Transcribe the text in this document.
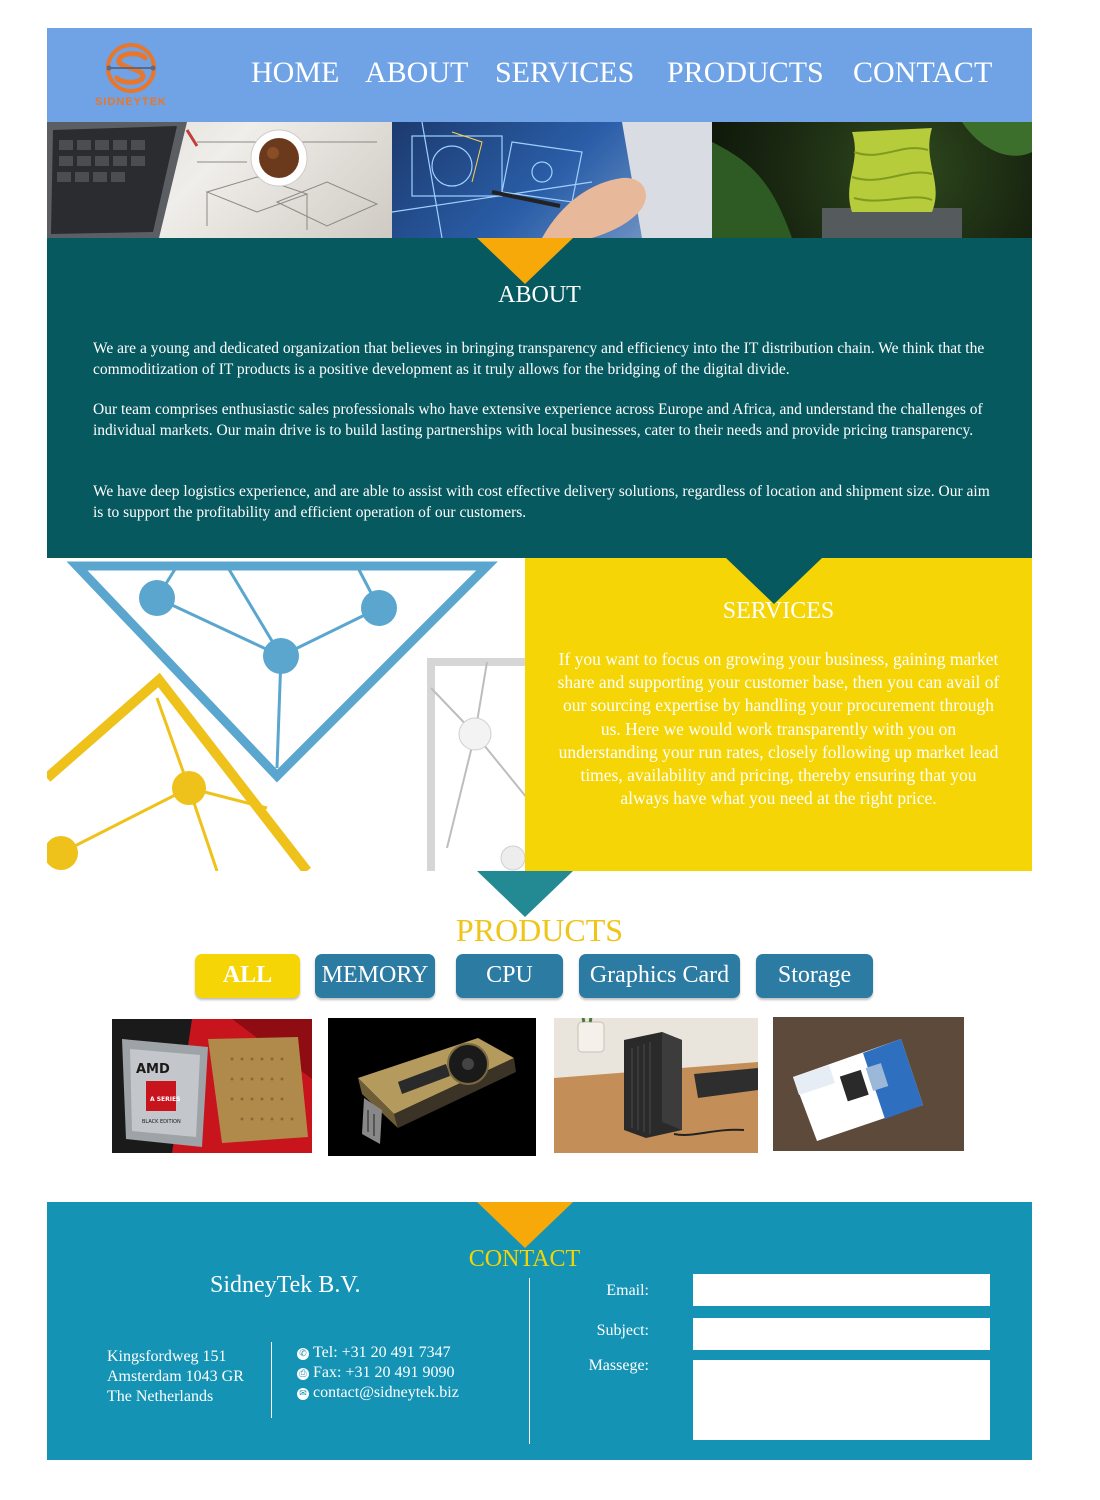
SIDNEYTEK
HOME ABOUT SERVICES PRODUCTS CONTACT
ABOUT
We are a young and dedicated organization that believes in bringing transparency and efficiency into the IT distribution chain. We think that the commoditization of IT products is a positive development as it truly allows for the bridging of the digital divide.
Our team comprises enthusiastic sales professionals who have extensive experience across Europe and Africa, and understand the challenges of individual markets. Our main drive is to build lasting partnerships with local businesses, cater to their needs and provide pricing transparency.
We have deep logistics experience, and are able to assist with cost effective delivery solutions, regardless of location and shipment size. Our aim is to support the profitability and efficient operation of our customers.
SERVICES
If you want to focus on growing your business, gaining market share and supporting your customer base, then you can avail of our sourcing expertise by handling your procurement through us. Here we would work transparently with you on understanding your run rates, closely following up market lead times, availability and pricing, thereby ensuring that you always have what you need at the right price.
PRODUCTS
ALL	MEMORY	CPU	Graphics Card	Storage
AMD
A SERIES
BLACK EDITION
CONTACT
SidneyTek B.V.
Kingsfordweg 151
Amsterdam 1043 GR
The Netherlands
✆ Tel: +31 20 491 7347
⎙ Fax: +31 20 491 9090
✉ contact@sidneytek.biz
Email:
Subject:
Massege:
